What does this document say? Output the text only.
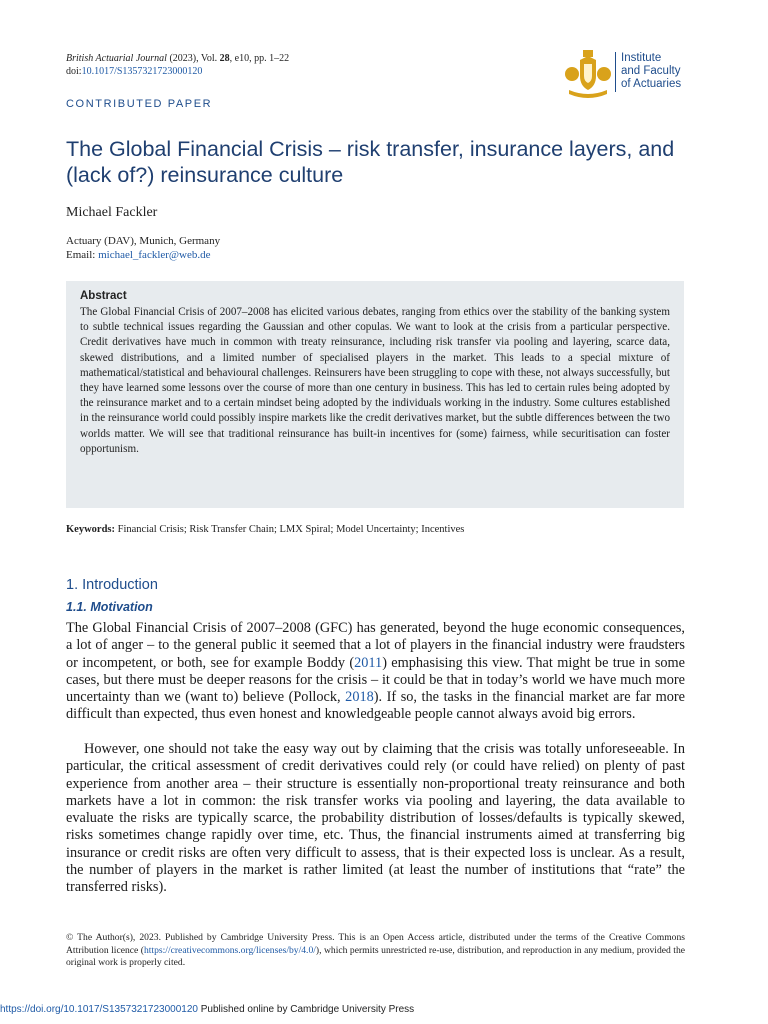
British Actuarial Journal (2023), Vol. 28, e10, pp. 1–22
doi:10.1017/S1357321723000120
Institute
and Faculty
of Actuaries
CONTRIBUTED PAPER
The Global Financial Crisis – risk transfer, insurance layers, and (lack of?) reinsurance culture
Michael Fackler
Actuary (DAV), Munich, Germany
Email: michael_fackler@web.de
Abstract

The Global Financial Crisis of 2007–2008 has elicited various debates, ranging from ethics over the stability of the banking system to subtle technical issues regarding the Gaussian and other copulas. We want to look at the crisis from a particular perspective. Credit derivatives have much in common with treaty reinsurance, including risk transfer via pooling and layering, scarce data, skewed distributions, and a limited number of specialised players in the market. This leads to a special mixture of mathematical/statistical and behavioural challenges. Reinsurers have been struggling to cope with these, not always successfully, but they have learned some lessons over the course of more than one century in business. This has led to certain rules being adopted by the reinsurance market and to a certain mindset being adopted by the individuals working in the industry. Some cultures established in the reinsurance world could possibly inspire markets like the credit derivatives market, but the subtle differences between the two worlds matter. We will see that traditional reinsurance has built-in incentives for (some) fairness, while securitisation can foster opportunism.

Keywords: Financial Crisis; Risk Transfer Chain; LMX Spiral; Model Uncertainty; Incentives
1. Introduction
1.1. Motivation

The Global Financial Crisis of 2007–2008 (GFC) has generated, beyond the huge economic consequences, a lot of anger – to the general public it seemed that a lot of players in the financial industry were fraudsters or incompetent, or both, see for example Boddy (2011) emphasising this view. That might be true in some cases, but there must be deeper reasons for the crisis – it could be that in today’s world we have much more uncertainty than we (want to) believe (Pollock, 2018). If so, the tasks in the financial market are far more difficult than expected, thus even honest and knowledgeable people cannot always avoid big errors.

However, one should not take the easy way out by claiming that the crisis was totally unforeseeable. In particular, the critical assessment of credit derivatives could rely (or could have relied) on plenty of past experience from another area – their structure is essentially non-proportional treaty reinsurance and both markets have a lot in common: the risk transfer works via pooling and layering, the data available to evaluate the risks are typically scarce, the probability distribution of losses/defaults is typically skewed, risks sometimes change rapidly over time, etc. Thus, the financial instruments aimed at transferring big insurance or credit risks are often very difficult to assess, that is their expected loss is unclear. As a result, the number of players in the market is rather limited (at least the number of institutions that “rate” the transferred risks).

© The Author(s), 2023. Published by Cambridge University Press. This is an Open Access article, distributed under the terms of the Creative Commons Attribution licence (https://creativecommons.org/licenses/by/4.0/), which permits unrestricted re-use, distribution, and reproduction in any medium, provided the original work is properly cited.

https://doi.org/10.1017/S1357321723000120 Published online by Cambridge University Press
